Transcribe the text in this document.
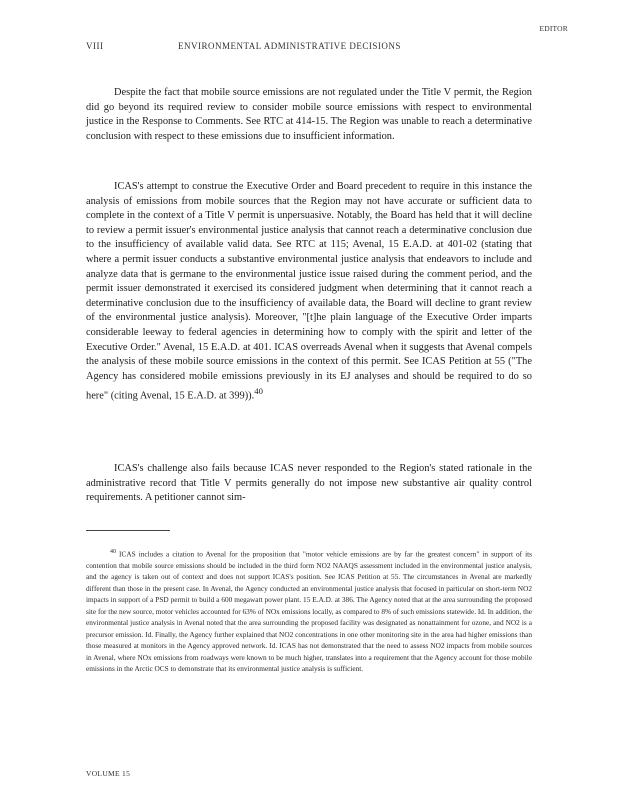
EDITOR
VIII	ENVIRONMENTAL ADMINISTRATIVE DECISIONS

Despite the fact that mobile source emissions are not regulated under the Title V permit, the Region did go beyond its required review to consider mobile source emissions with respect to environmental justice in the Response to Comments. See RTC at 414-15. The Region was unable to reach a determinative conclusion with respect to these emissions due to insufficient information.

ICAS's attempt to construe the Executive Order and Board precedent to require in this instance the analysis of emissions from mobile sources that the Region may not have accurate or sufficient data to complete in the context of a Title V permit is unpersuasive. Notably, the Board has held that it will decline to review a permit issuer's environmental justice analysis that cannot reach a determinative conclusion due to the insufficiency of available valid data. See RTC at 115; Avenal, 15 E.A.D. at 401-02 (stating that where a permit issuer conducts a substantive environmental justice analysis that endeavors to include and analyze data that is germane to the environmental justice issue raised during the comment period, and the permit issuer demonstrated it exercised its considered judgment when determining that it cannot reach a determinative conclusion due to the insufficiency of available data, the Board will decline to grant review of the environmental justice analysis). Moreover, "[t]he plain language of the Executive Order imparts considerable leeway to federal agencies in determining how to comply with the spirit and letter of the Executive Order." Avenal, 15 E.A.D. at 401. ICAS overreads Avenal when it suggests that Avenal compels the analysis of these mobile source emissions in the context of this permit. See ICAS Petition at 55 ("The Agency has considered mobile emissions previously in its EJ analyses and should be required to do so here" (citing Avenal, 15 E.A.D. at 399)).$^{40}$

ICAS's challenge also fails because ICAS never responded to the Region's stated rationale in the administrative record that Title V permits generally do not impose new substantive air quality control requirements. A petitioner cannot sim-

$^{40}$ ICAS includes a citation to Avenal for the proposition that "motor vehicle emissions are by far the greatest concern" in support of its contention that mobile source emissions should be included in the third form NO2 NAAQS assessment included in the environmental justice analysis, and the agency is taken out of context and does not support ICAS's position. See ICAS Petition at 55. The circumstances in Avenal are markedly different than those in the present case. In Avenal, the Agency conducted an environmental justice analysis that focused in particular on short-term NO2 impacts in support of a PSD permit to build a 600 megawatt power plant. 15 E.A.D. at 386. The Agency noted that at the area surrounding the proposed site for the new source, motor vehicles accounted for 63% of NOx emissions locally, as compared to 8% of such emissions statewide. Id. In addition, the environmental justice analysis in Avenal noted that the area surrounding the proposed facility was designated as nonattainment for ozone, and NO2 is a precursor emission. Id. Finally, the Agency further explained that NO2 concentrations in one other monitoring site in the area had higher emissions than those measured at monitors in the Agency approved network. Id. ICAS has not demonstrated that the need to assess NO2 impacts from mobile sources in Avenal, where NOx emissions from roadways were known to be much higher, translates into a requirement that the Agency account for those mobile emissions in the Arctic OCS to demonstrate that its environmental justice analysis is sufficient.

VOLUME 15
